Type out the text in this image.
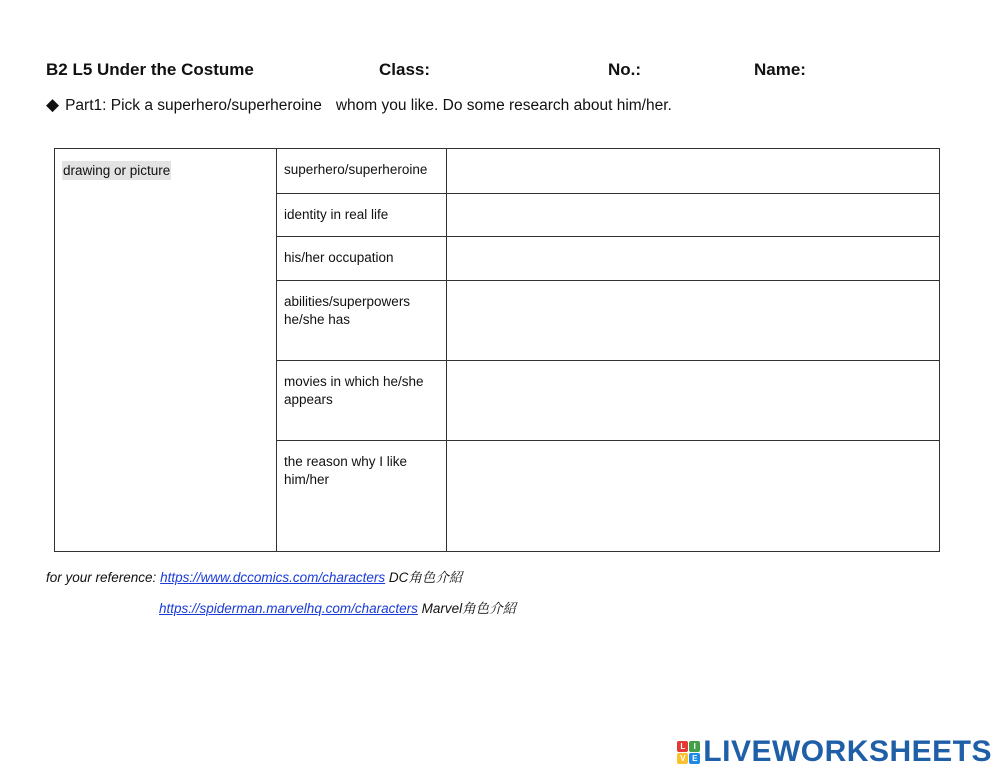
B2 L5 Under the Costume	Class:	No.:	Name:
◆ Part1: Pick a superhero/superheroine whom you like. Do some research about him/her.
drawing or picture	superhero/superheroine	

	identity in real life	

	his/her occupation	

	abilities/superpowers he/she has	

	movies in which he/she appears	

	the reason why I like him/her	

for your reference: https://www.dccomics.com/characters DC角色介紹
https://spiderman.marvelhq.com/characters Marvel角色介紹
L	I
V E LIVEWORKSHEETS
